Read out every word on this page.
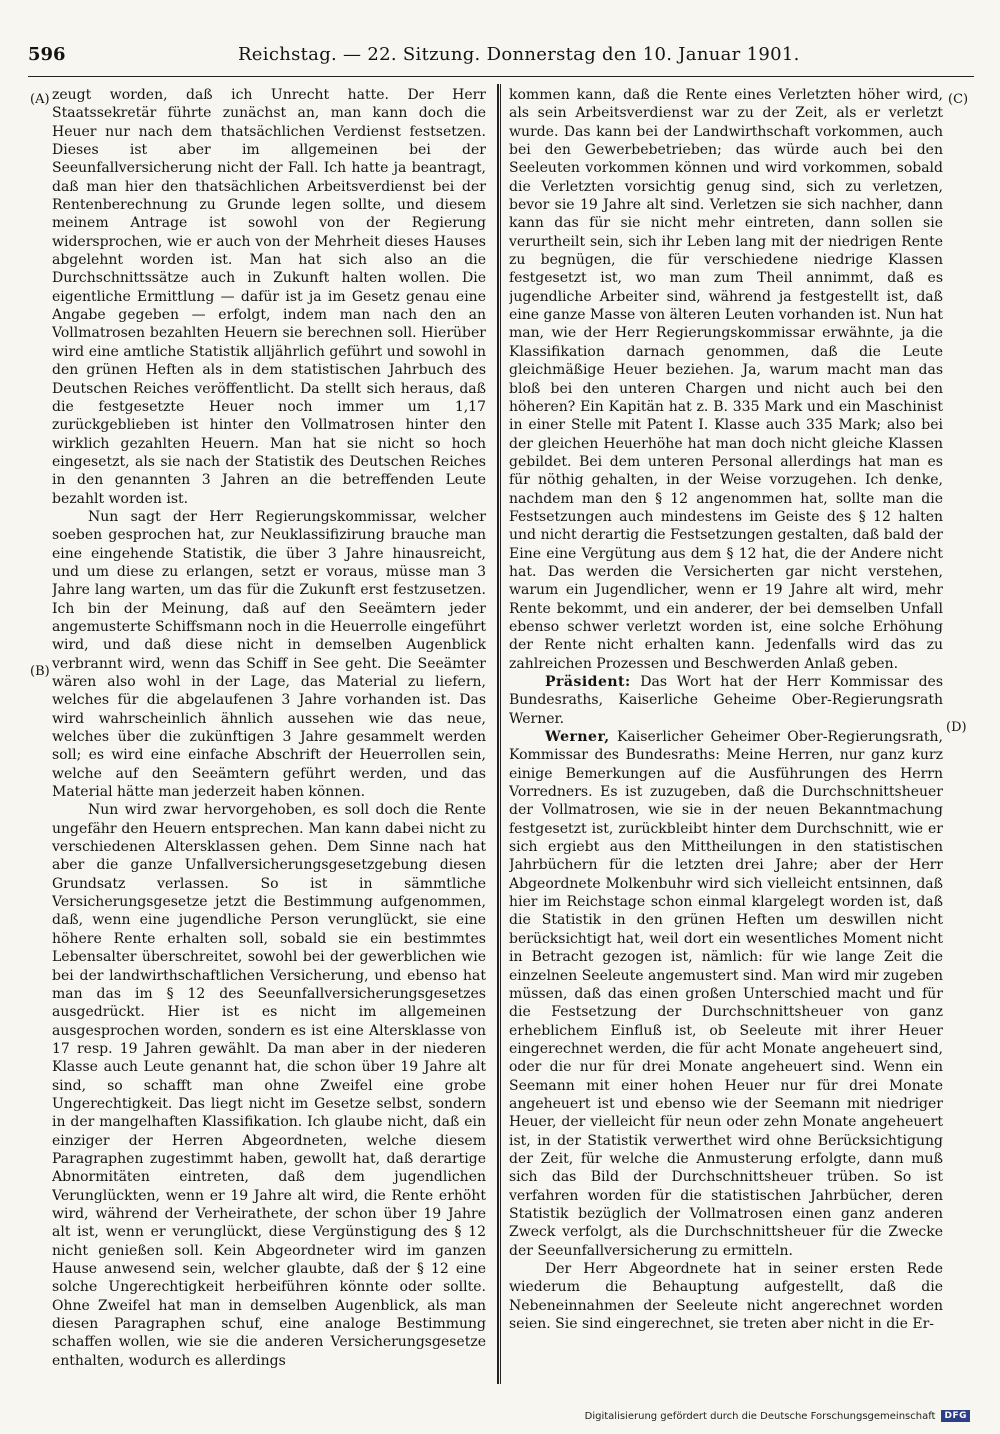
596	Reichstag. — 22. Sitzung. Donnerstag den 10. Januar 1901.
(A)
(B)
(C)
(D)

zeugt worden, daß ich Unrecht hatte. Der Herr Staatssekretär führte zunächst an, man kann doch die Heuer nur nach dem thatsächlichen Verdienst festsetzen. Dieses ist aber im allgemeinen bei der Seeunfallversicherung nicht der Fall. Ich hatte ja beantragt, daß man hier den thatsächlichen Arbeitsverdienst bei der Rentenberechnung zu Grunde legen sollte, und diesem meinem Antrage ist sowohl von der Regierung widersprochen, wie er auch von der Mehrheit dieses Hauses abgelehnt worden ist. Man hat sich also an die Durchschnittssätze auch in Zukunft halten wollen. Die eigentliche Ermittlung — dafür ist ja im Gesetz genau eine Angabe gegeben — erfolgt, indem man nach den an Vollmatrosen bezahlten Heuern sie berechnen soll. Hierüber wird eine amtliche Statistik alljährlich geführt und sowohl in den grünen Heften als in dem statistischen Jahrbuch des Deutschen Reiches veröffentlicht. Da stellt sich heraus, daß die festgesetzte Heuer noch immer um 1,17 zurückgeblieben ist hinter den Vollmatrosen hinter den wirklich gezahlten Heuern. Man hat sie nicht so hoch eingesetzt, als sie nach der Statistik des Deutschen Reiches in den genannten 3 Jahren an die betreffenden Leute bezahlt worden ist.

Nun sagt der Herr Regierungskommissar, welcher soeben gesprochen hat, zur Neuklassifizirung brauche man eine eingehende Statistik, die über 3 Jahre hinausreicht, und um diese zu erlangen, setzt er voraus, müsse man 3 Jahre lang warten, um das für die Zukunft erst festzusetzen. Ich bin der Meinung, daß auf den Seeämtern jeder angemusterte Schiffsmann noch in die Heuerrolle eingeführt wird, und daß diese nicht in demselben Augenblick verbrannt wird, wenn das Schiff in See geht. Die Seeämter wären also wohl in der Lage, das Material zu liefern, welches für die abgelaufenen 3 Jahre vorhanden ist. Das wird wahrscheinlich ähnlich aussehen wie das neue, welches über die zukünftigen 3 Jahre gesammelt werden soll; es wird eine einfache Abschrift der Heuerrollen sein, welche auf den Seeämtern geführt werden, und das Material hätte man jederzeit haben können.

Nun wird zwar hervorgehoben, es soll doch die Rente ungefähr den Heuern entsprechen. Man kann dabei nicht zu verschiedenen Altersklassen gehen. Dem Sinne nach hat aber die ganze Unfallversicherungsgesetzgebung diesen Grundsatz verlassen. So ist in sämmtliche Versicherungsgesetze jetzt die Bestimmung aufgenommen, daß, wenn eine jugendliche Person verunglückt, sie eine höhere Rente erhalten soll, sobald sie ein bestimmtes Lebensalter überschreitet, sowohl bei der gewerblichen wie bei der landwirthschaftlichen Versicherung, und ebenso hat man das im § 12 des Seeunfallversicherungsgesetzes ausgedrückt. Hier ist es nicht im allgemeinen ausgesprochen worden, sondern es ist eine Altersklasse von 17 resp. 19 Jahren gewählt. Da man aber in der niederen Klasse auch Leute genannt hat, die schon über 19 Jahre alt sind, so schafft man ohne Zweifel eine grobe Ungerechtigkeit. Das liegt nicht im Gesetze selbst, sondern in der mangelhaften Klassifikation. Ich glaube nicht, daß ein einziger der Herren Abgeordneten, welche diesem Paragraphen zugestimmt haben, gewollt hat, daß derartige Abnormitäten eintreten, daß dem jugendlichen Verunglückten, wenn er 19 Jahre alt wird, die Rente erhöht wird, während der Verheirathete, der schon über 19 Jahre alt ist, wenn er verunglückt, diese Vergünstigung des § 12 nicht genießen soll. Kein Abgeordneter wird im ganzen Hause anwesend sein, welcher glaubte, daß der § 12 eine solche Ungerechtigkeit herbeiführen könnte oder sollte. Ohne Zweifel hat man in demselben Augenblick, als man diesen Paragraphen schuf, eine analoge Bestimmung schaffen wollen, wie sie die anderen Versicherungsgesetze enthalten, wodurch es allerdings

kommen kann, daß die Rente eines Verletzten höher wird, als sein Arbeitsverdienst war zu der Zeit, als er verletzt wurde. Das kann bei der Landwirthschaft vorkommen, auch bei den Gewerbebetrieben; das würde auch bei den Seeleuten vorkommen können und wird vorkommen, sobald die Verletzten vorsichtig genug sind, sich zu verletzen, bevor sie 19 Jahre alt sind. Verletzen sie sich nachher, dann kann das für sie nicht mehr eintreten, dann sollen sie verurtheilt sein, sich ihr Leben lang mit der niedrigen Rente zu begnügen, die für verschiedene niedrige Klassen festgesetzt ist, wo man zum Theil annimmt, daß es jugendliche Arbeiter sind, während ja festgestellt ist, daß eine ganze Masse von älteren Leuten vorhanden ist. Nun hat man, wie der Herr Regierungskommissar erwähnte, ja die Klassifikation darnach genommen, daß die Leute gleichmäßige Heuer beziehen. Ja, warum macht man das bloß bei den unteren Chargen und nicht auch bei den höheren? Ein Kapitän hat z. B. 335 Mark und ein Maschinist in einer Stelle mit Patent I. Klasse auch 335 Mark; also bei der gleichen Heuerhöhe hat man doch nicht gleiche Klassen gebildet. Bei dem unteren Personal allerdings hat man es für nöthig gehalten, in der Weise vorzugehen. Ich denke, nachdem man den § 12 angenommen hat, sollte man die Festsetzungen auch mindestens im Geiste des § 12 halten und nicht derartig die Festsetzungen gestalten, daß bald der Eine eine Vergütung aus dem § 12 hat, die der Andere nicht hat. Das werden die Versicherten gar nicht verstehen, warum ein Jugendlicher, wenn er 19 Jahre alt wird, mehr Rente bekommt, und ein anderer, der bei demselben Unfall ebenso schwer verletzt worden ist, eine solche Erhöhung der Rente nicht erhalten kann. Jedenfalls wird das zu zahlreichen Prozessen und Beschwerden Anlaß geben.

Präsident: Das Wort hat der Herr Kommissar des Bundesraths, Kaiserliche Geheime Ober-Regierungsrath Werner.

Werner, Kaiserlicher Geheimer Ober-Regierungsrath, Kommissar des Bundesraths: Meine Herren, nur ganz kurz einige Bemerkungen auf die Ausführungen des Herrn Vorredners. Es ist zuzugeben, daß die Durchschnittsheuer der Vollmatrosen, wie sie in der neuen Bekanntmachung festgesetzt ist, zurückbleibt hinter dem Durchschnitt, wie er sich ergiebt aus den Mittheilungen in den statistischen Jahrbüchern für die letzten drei Jahre; aber der Herr Abgeordnete Molkenbuhr wird sich vielleicht entsinnen, daß hier im Reichstage schon einmal klargelegt worden ist, daß die Statistik in den grünen Heften um deswillen nicht berücksichtigt hat, weil dort ein wesentliches Moment nicht in Betracht gezogen ist, nämlich: für wie lange Zeit die einzelnen Seeleute angemustert sind. Man wird mir zugeben müssen, daß das einen großen Unterschied macht und für die Festsetzung der Durchschnittsheuer von ganz erheblichem Einfluß ist, ob Seeleute mit ihrer Heuer eingerechnet werden, die für acht Monate angeheuert sind, oder die nur für drei Monate angeheuert sind. Wenn ein Seemann mit einer hohen Heuer nur für drei Monate angeheuert ist und ebenso wie der Seemann mit niedriger Heuer, der vielleicht für neun oder zehn Monate angeheuert ist, in der Statistik verwerthet wird ohne Berücksichtigung der Zeit, für welche die Anmusterung erfolgte, dann muß sich das Bild der Durchschnittsheuer trüben. So ist verfahren worden für die statistischen Jahrbücher, deren Statistik bezüglich der Vollmatrosen einen ganz anderen Zweck verfolgt, als die Durchschnittsheuer für die Zwecke der Seeunfallversicherung zu ermitteln.

Der Herr Abgeordnete hat in seiner ersten Rede wiederum die Behauptung aufgestellt, daß die Nebeneinnahmen der Seeleute nicht angerechnet worden seien. Sie sind eingerechnet, sie treten aber nicht in die Er-

Digitalisierung gefördert durch die Deutsche Forschungsgemeinschaft	DFG
